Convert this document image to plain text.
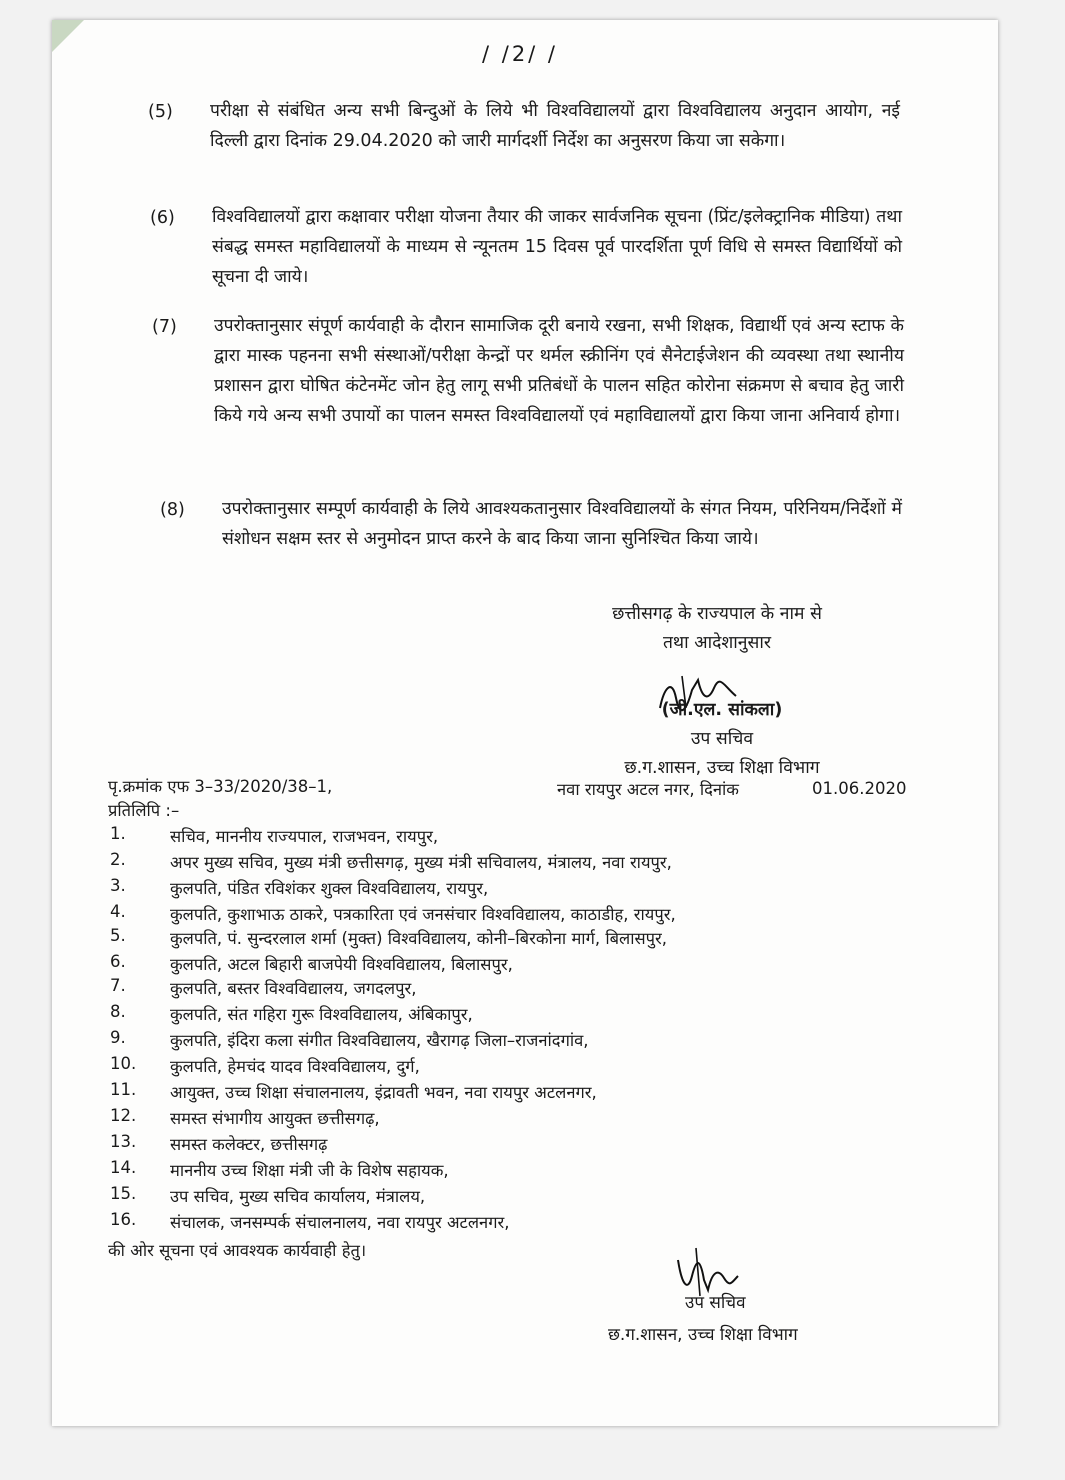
/ /2/ /
(5) परीक्षा से संबंधित अन्य सभी बिन्दुओं के लिये भी विश्वविद्यालयों द्वारा विश्वविद्यालय अनुदान आयोग, नई दिल्ली द्वारा दिनांक 29.04.2020 को जारी मार्गदर्शी निर्देश का अनुसरण किया जा सकेगा।
(6) विश्वविद्यालयों द्वारा कक्षावार परीक्षा योजना तैयार की जाकर सार्वजनिक सूचना (प्रिंट/इलेक्ट्रानिक मीडिया) तथा संबद्ध समस्त महाविद्यालयों के माध्यम से न्यूनतम 15 दिवस पूर्व पारदर्शिता पूर्ण विधि से समस्त विद्यार्थियों को सूचना दी जाये।
(7) उपरोक्तानुसार संपूर्ण कार्यवाही के दौरान सामाजिक दूरी बनाये रखना, सभी शिक्षक, विद्यार्थी एवं अन्य स्टाफ के द्वारा मास्क पहनना सभी संस्थाओं/परीक्षा केन्द्रों पर थर्मल स्क्रीनिंग एवं सैनेटाईजेशन की व्यवस्था तथा स्थानीय प्रशासन द्वारा घोषित कंटेनमेंट जोन हेतु लागू सभी प्रतिबंधों के पालन सहित कोरोना संक्रमण से बचाव हेतु जारी किये गये अन्य सभी उपायों का पालन समस्त विश्वविद्यालयों एवं महाविद्यालयों द्वारा किया जाना अनिवार्य होगा।
(8) उपरोक्तानुसार सम्पूर्ण कार्यवाही के लिये आवश्यकतानुसार विश्वविद्यालयों के संगत नियम, परिनियम/निर्देशों में संशोधन सक्षम स्तर से अनुमोदन प्राप्त करने के बाद किया जाना सुनिश्चित किया जाये।
छत्तीसगढ़ के राज्यपाल के नाम से
तथा आदेशानुसार
(जी.एल. सांकला)
उप सचिव
छ.ग.शासन, उच्च शिक्षा विभाग
पृ.क्रमांक एफ 3–33/2020/38–1,	नवा रायपुर अटल नगर, दिनांक	01.06.2020
प्रतिलिपि :–
1.	सचिव, माननीय राज्यपाल, राजभवन, रायपुर,
2.	अपर मुख्य सचिव, मुख्य मंत्री छत्तीसगढ़, मुख्य मंत्री सचिवालय, मंत्रालय, नवा रायपुर,
3.	कुलपति, पंडित रविशंकर शुक्ल विश्वविद्यालय, रायपुर,
4.	कुलपति, कुशाभाऊ ठाकरे, पत्रकारिता एवं जनसंचार विश्वविद्यालय, काठाडीह, रायपुर,
5.	कुलपति, पं. सुन्दरलाल शर्मा (मुक्त) विश्वविद्यालय, कोनी–बिरकोना मार्ग, बिलासपुर,
6.	कुलपति, अटल बिहारी बाजपेयी विश्वविद्यालय, बिलासपुर,
7.	कुलपति, बस्तर विश्वविद्यालय, जगदलपुर,
8.	कुलपति, संत गहिरा गुरू विश्वविद्यालय, अंबिकापुर,
9.	कुलपति, इंदिरा कला संगीत विश्वविद्यालय, खैरागढ़ जिला–राजनांदगांव,
10. कुलपति, हेमचंद यादव विश्वविद्यालय, दुर्ग,
11. आयुक्त, उच्च शिक्षा संचालनालय, इंद्रावती भवन, नवा रायपुर अटलनगर,
12. समस्त संभागीय आयुक्त छत्तीसगढ़,
13. समस्त कलेक्टर, छत्तीसगढ़
14. माननीय उच्च शिक्षा मंत्री जी के विशेष सहायक,
15. उप सचिव, मुख्य सचिव कार्यालय, मंत्रालय,
16. संचालक, जनसम्पर्क संचालनालय, नवा रायपुर अटलनगर,
की ओर सूचना एवं आवश्यक कार्यवाही हेतु।
उप सचिव
छ.ग.शासन, उच्च शिक्षा विभाग
